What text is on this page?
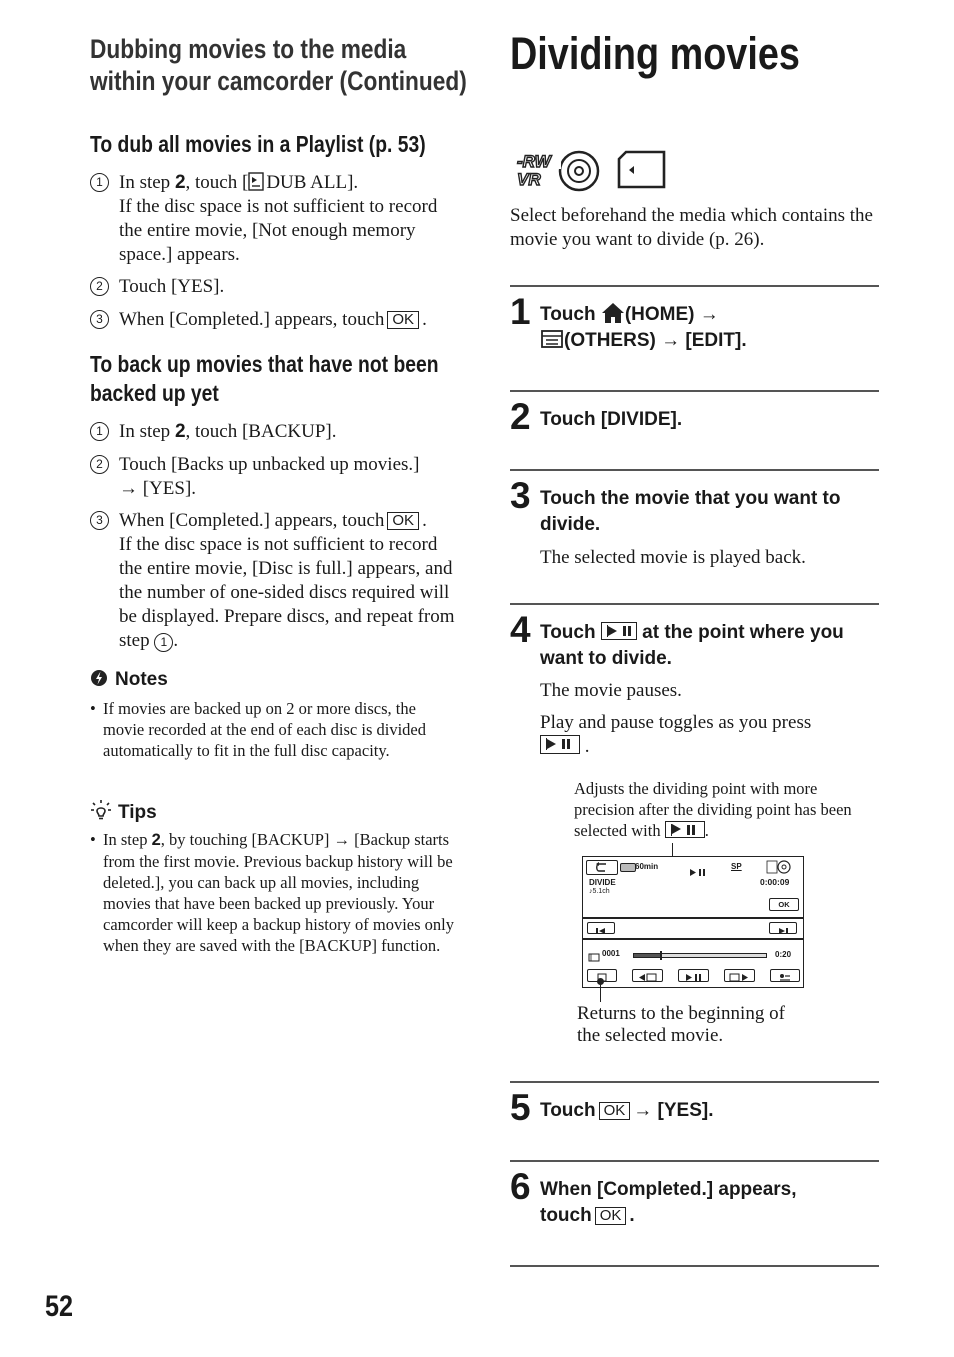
Dubbing movies to the media
within your camcorder (Continued)
To dub all movies in a Playlist (p. 53)
1 In step 2, touch [ DUB ALL].
If the disc space is not sufficient to record the entire movie, [Not enough memory space.] appears.
2 Touch [YES].
3 When [Completed.] appears, touch OK .
To back up movies that have not been
backed up yet
1 In step 2, touch [BACKUP].
2 Touch [Backs up unbacked up movies.]
→ [YES].
3 When [Completed.] appears, touch OK .
If the disc space is not sufficient to record the entire movie, [Disc is full.] appears, and the number of one-sided discs required will be displayed. Prepare discs, and repeat from step 1 .
Notes
• If movies are backed up on 2 or more discs, the movie recorded at the end of each disc is divided automatically to fit in the full disc capacity.
Tips
• In step 2, by touching [BACKUP] → [Backup starts from the first movie. Previous backup history will be deleted.], you can back up all movies, including movies that have been backed up previously. Your camcorder will keep a backup history of movies only when they are saved with the [BACKUP] function.
52
Dividing movies
-RW
VR

Select beforehand the media which contains the movie you want to divide (p. 26).
1 Touch (HOME) →
(OTHERS) → [EDIT].
2 Touch [DIVIDE].
3 Touch the movie that you want to divide.
The selected movie is played back.
4 Touch at the point where you want to divide.
The movie pauses.
Play and pause toggles as you press

.
Adjusts the dividing point with more precision after the dividing point has been selected with	.
60min
DIVIDE
♪5.1ch
SP
0:00:09
OK
0001	0:20
Returns to the beginning of the selected movie.
5 Touch OK → [YES].
6 When [Completed.] appears,
touch OK .
